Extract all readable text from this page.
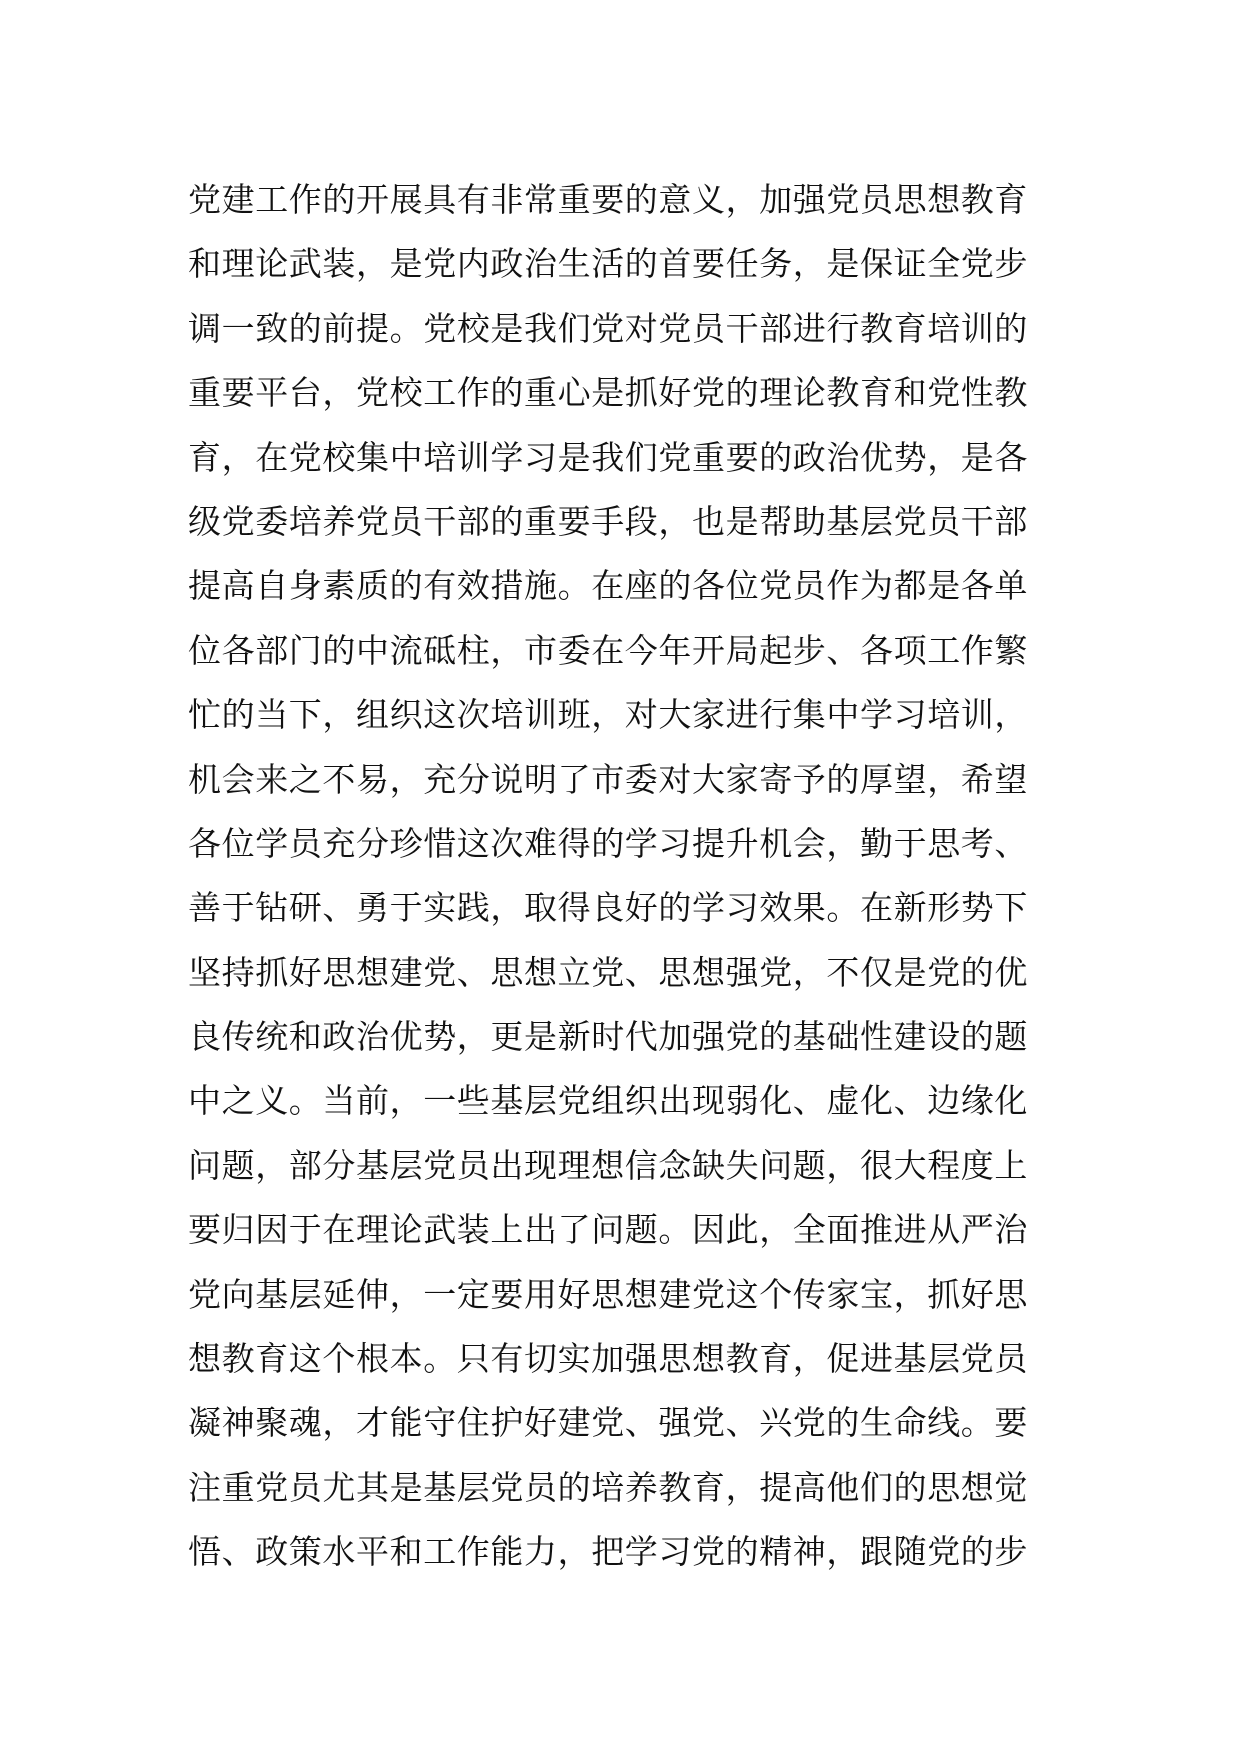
党建工作的开展具有非常重要的意义，加强党员思想教育
和理论武装，是党内政治生活的首要任务，是保证全党步
调一致的前提。党校是我们党对党员干部进行教育培训的
重要平台，党校工作的重心是抓好党的理论教育和党性教
育，在党校集中培训学习是我们党重要的政治优势，是各
级党委培养党员干部的重要手段，也是帮助基层党员干部
提高自身素质的有效措施。在座的各位党员作为都是各单
位各部门的中流砥柱，市委在今年开局起步、各项工作繁
忙的当下，组织这次培训班，对大家进行集中学习培训，
机会来之不易，充分说明了市委对大家寄予的厚望，希望
各位学员充分珍惜这次难得的学习提升机会，勤于思考、
善于钻研、勇于实践，取得良好的学习效果。在新形势下
坚持抓好思想建党、思想立党、思想强党，不仅是党的优
良传统和政治优势，更是新时代加强党的基础性建设的题
中之义。当前，一些基层党组织出现弱化、虚化、边缘化
问题，部分基层党员出现理想信念缺失问题，很大程度上
要归因于在理论武装上出了问题。因此，全面推进从严治
党向基层延伸，一定要用好思想建党这个传家宝，抓好思
想教育这个根本。只有切实加强思想教育，促进基层党员
凝神聚魂，才能守住护好建党、强党、兴党的生命线。要
注重党员尤其是基层党员的培养教育，提高他们的思想觉
悟、政策水平和工作能力，把学习党的精神，跟随党的步
